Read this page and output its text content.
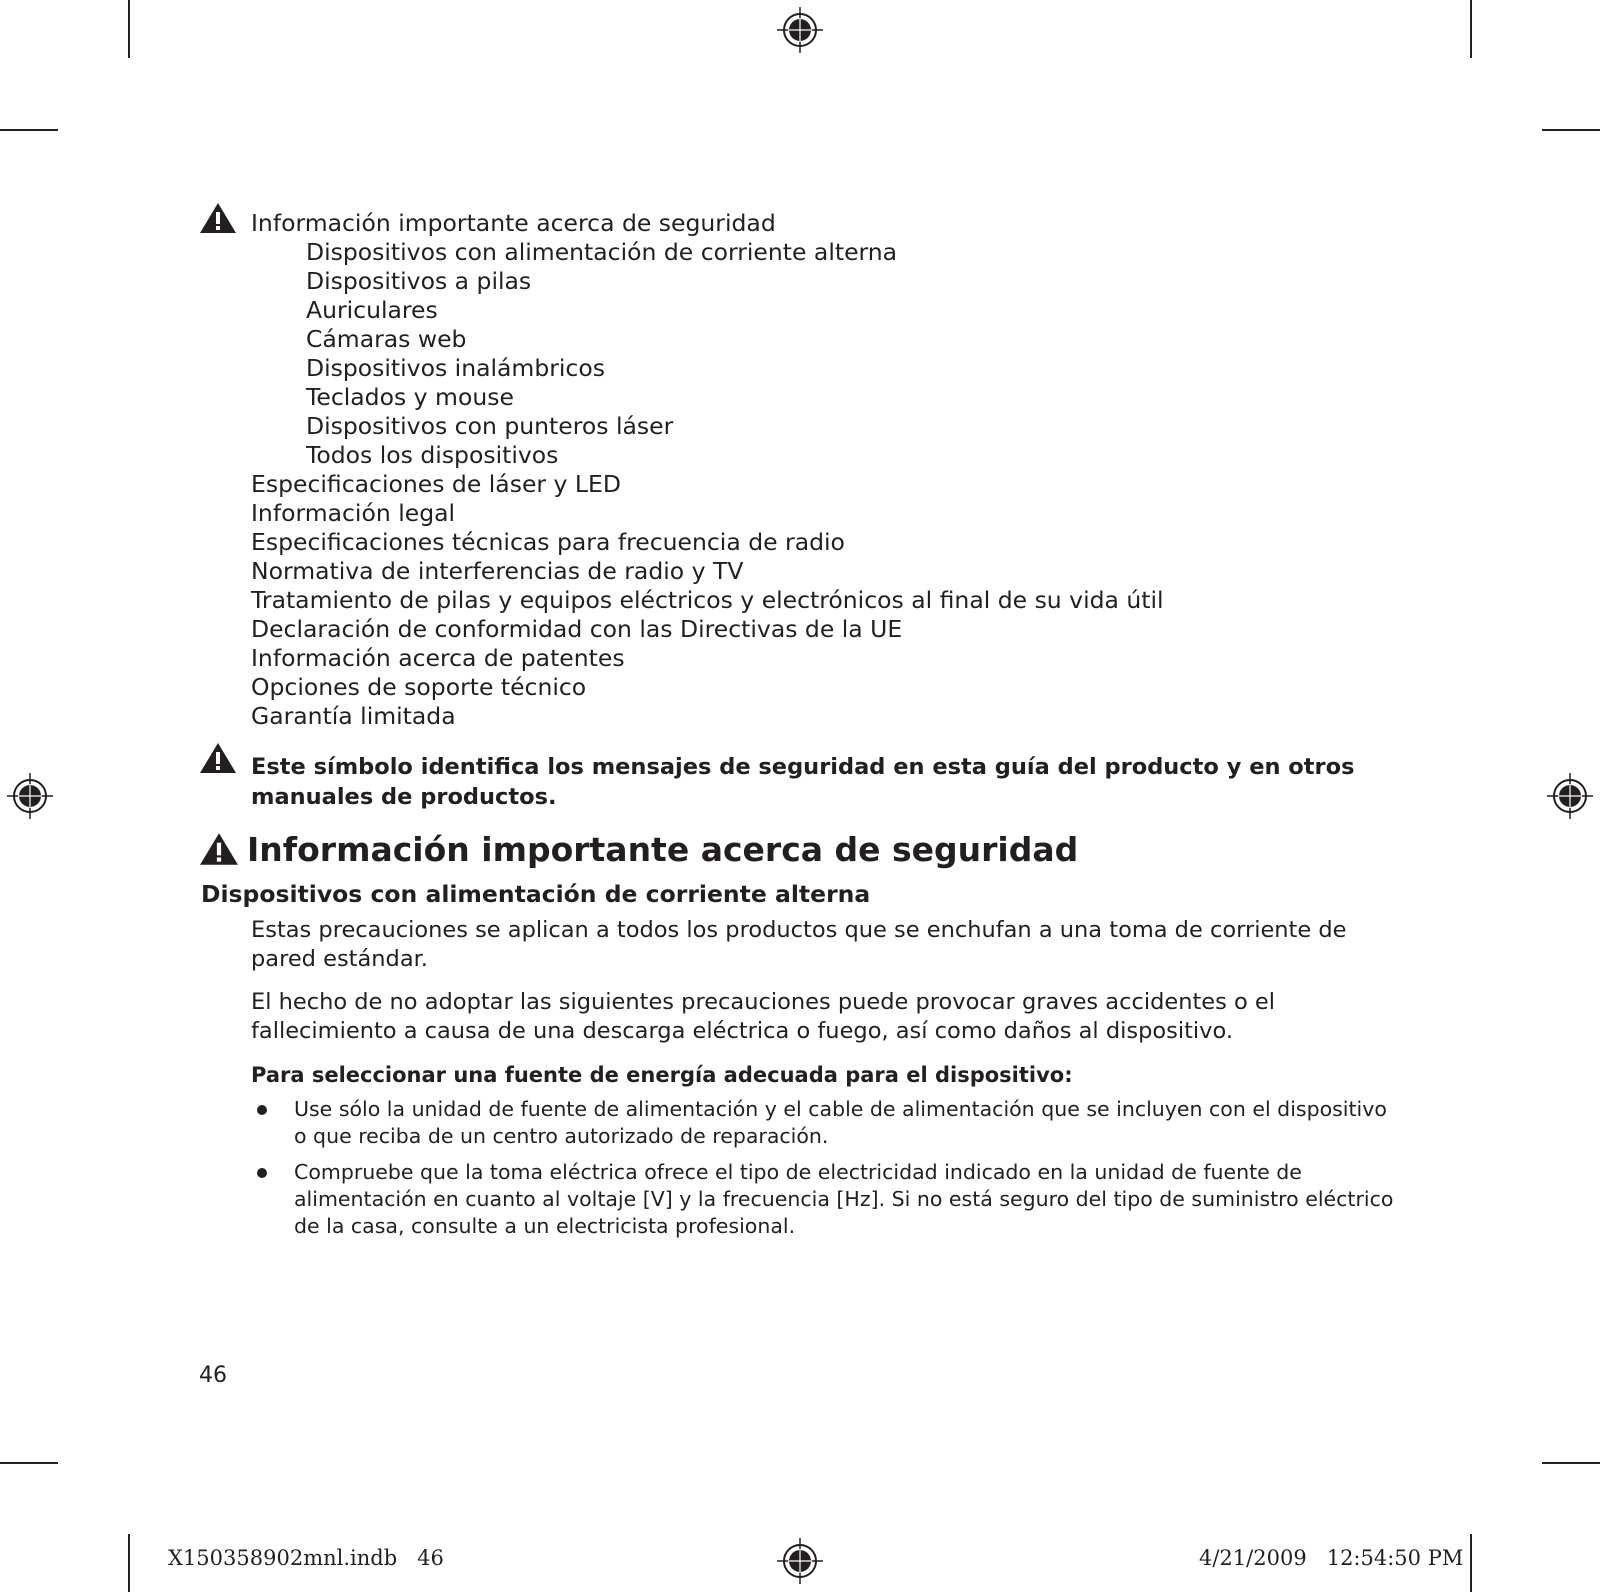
Información importante acerca de seguridad
Dispositivos con alimentación de corriente alterna
Dispositivos a pilas
Auriculares
Cámaras web
Dispositivos inalámbricos
Teclados y mouse
Dispositivos con punteros láser
Todos los dispositivos
Especificaciones de láser y LED
Información legal
Especificaciones técnicas para frecuencia de radio
Normativa de interferencias de radio y TV
Tratamiento de pilas y equipos eléctricos y electrónicos al final de su vida útil
Declaración de conformidad con las Directivas de la UE
Información acerca de patentes
Opciones de soporte técnico
Garantía limitada
Este símbolo identifica los mensajes de seguridad en esta guía del producto y en otros manuales de productos.
Información importante acerca de seguridad
Dispositivos con alimentación de corriente alterna
Estas precauciones se aplican a todos los productos que se enchufan a una toma de corriente de pared estándar.
El hecho de no adoptar las siguientes precauciones puede provocar graves accidentes o el fallecimiento a causa de una descarga eléctrica o fuego, así como daños al dispositivo.
Para seleccionar una fuente de energía adecuada para el dispositivo:
Use sólo la unidad de fuente de alimentación y el cable de alimentación que se incluyen con el dispositivo o que reciba de un centro autorizado de reparación.
Compruebe que la toma eléctrica ofrece el tipo de electricidad indicado en la unidad de fuente de alimentación en cuanto al voltaje [V] y la frecuencia [Hz]. Si no está seguro del tipo de suministro eléctrico de la casa, consulte a un electricista profesional.
46
X150358902mnl.indb   46	4/21/2009   12:54:50 PM
